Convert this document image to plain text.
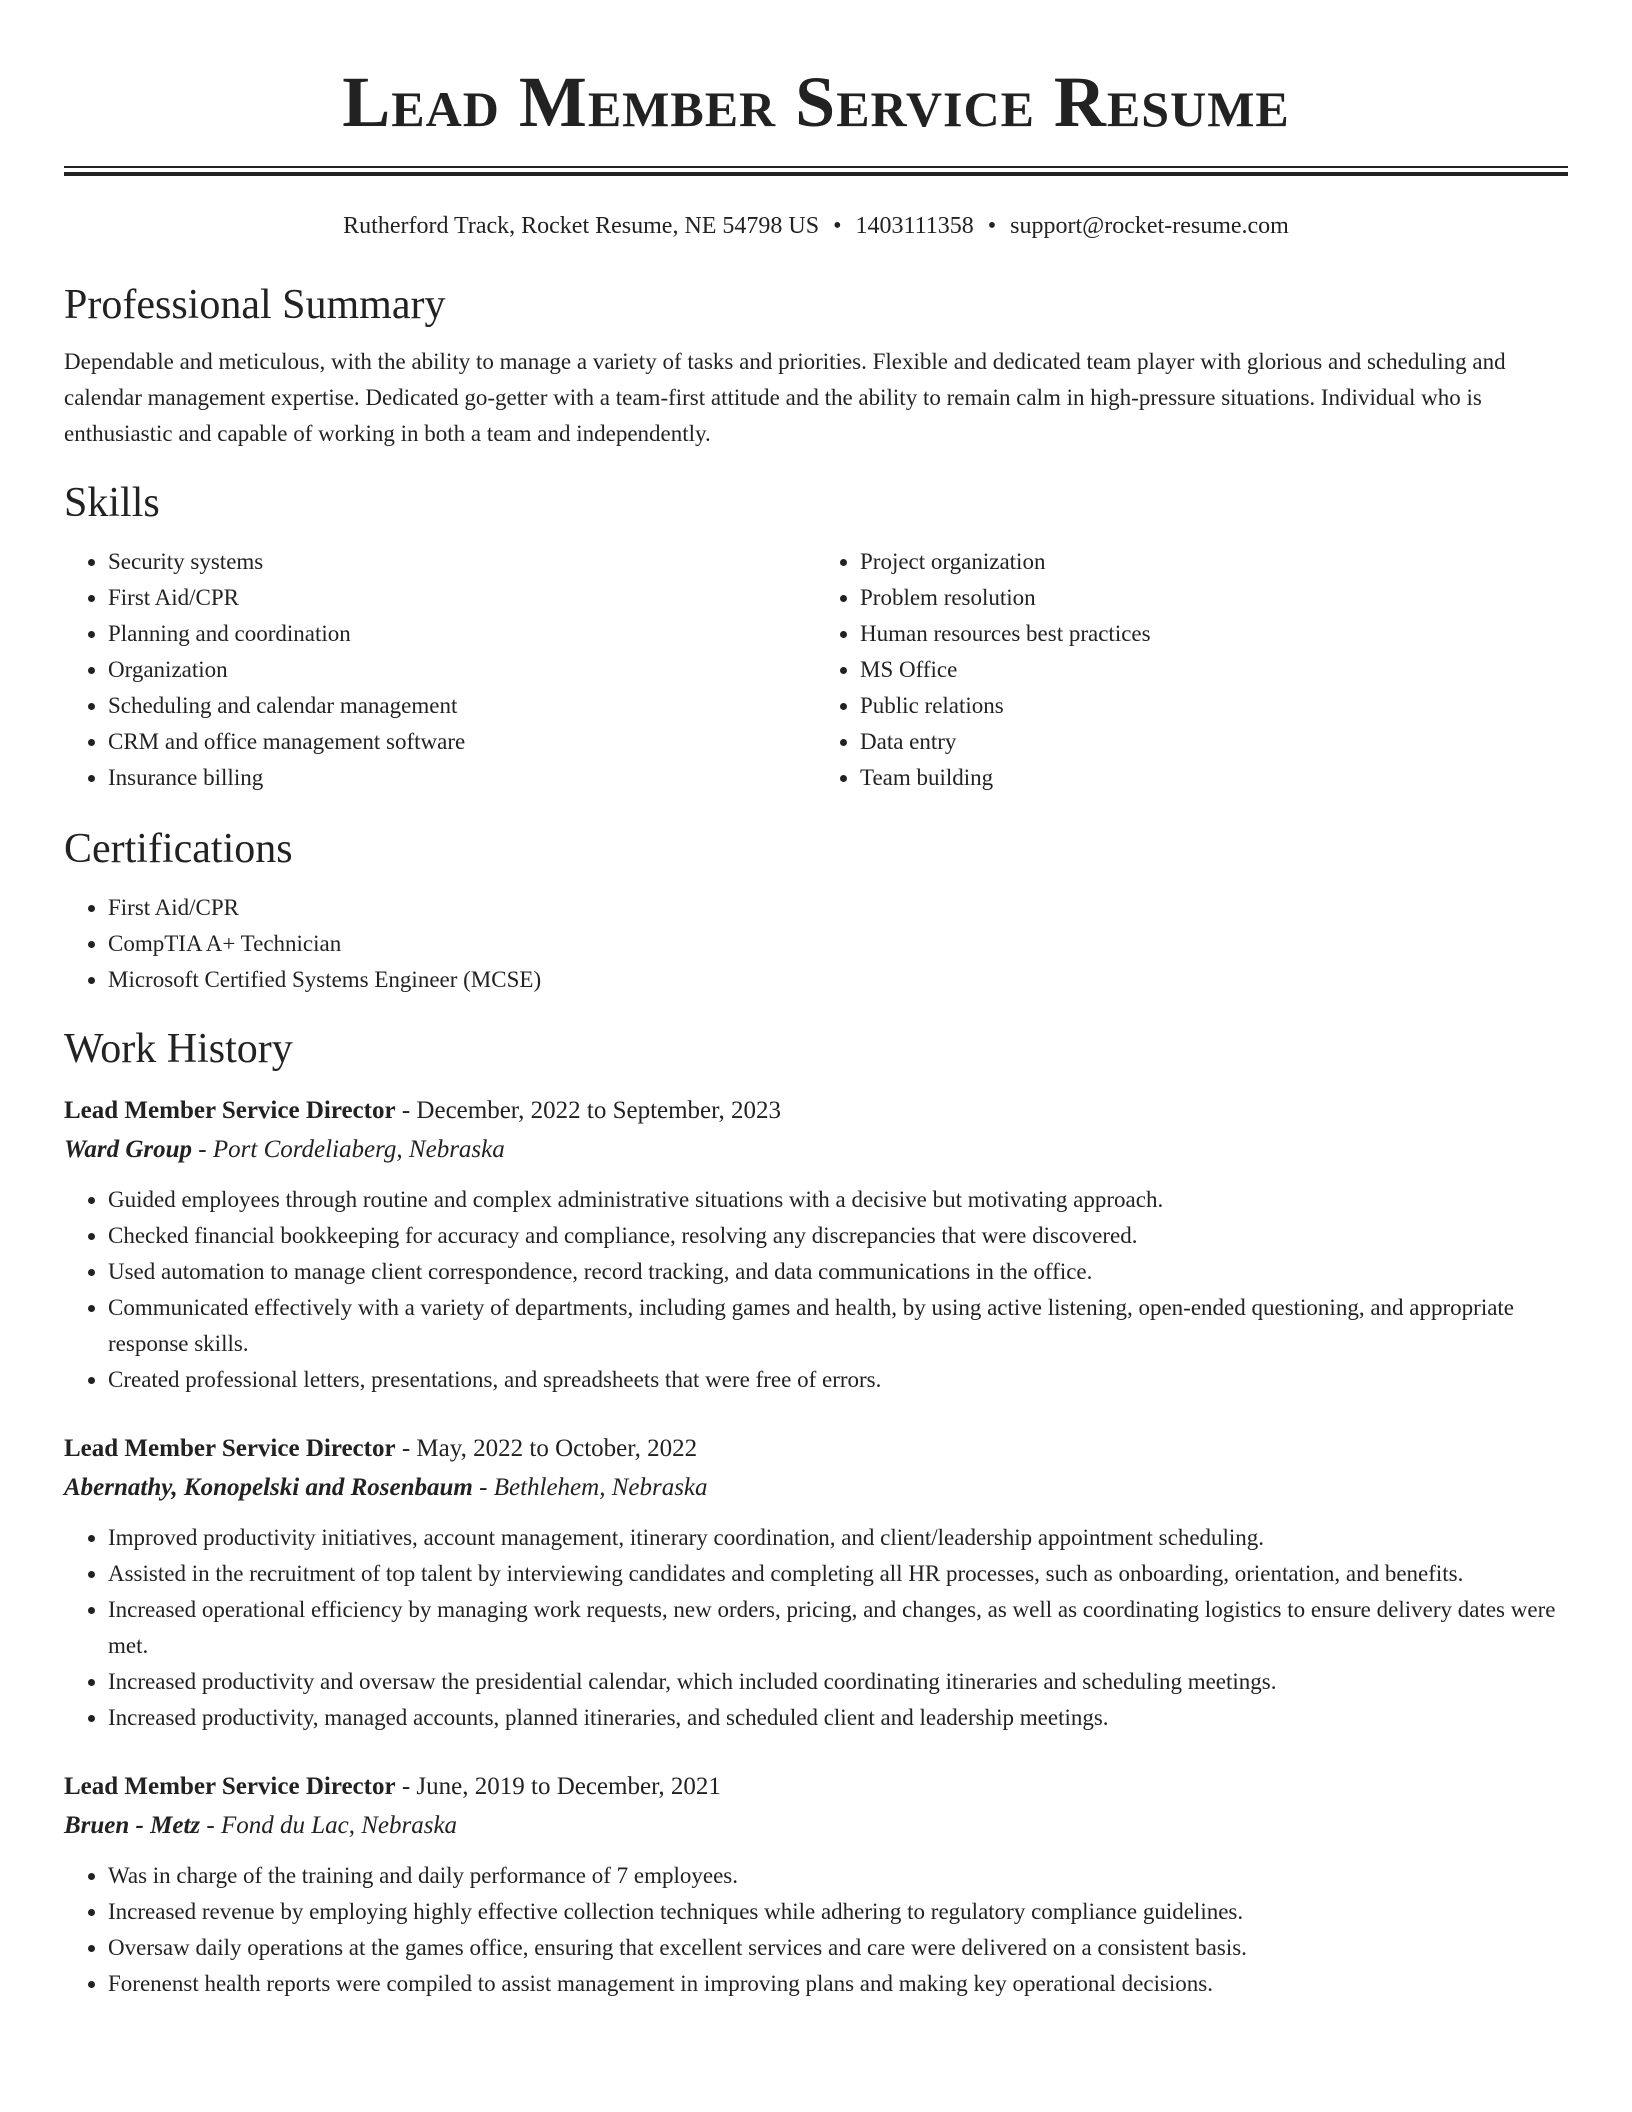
Lead Member Service Resume
Rutherford Track, Rocket Resume, NE 54798 US • 1403111358 • support@rocket-resume.com
Professional Summary

Dependable and meticulous, with the ability to manage a variety of tasks and priorities. Flexible and dedicated team player with glorious and scheduling and calendar management expertise. Dedicated go-getter with a team-first attitude and the ability to remain calm in high-pressure situations. Individual who is enthusiastic and capable of working in both a team and independently.

Skills
• Security systems
• First Aid/CPR
• Planning and coordination
• Organization
• Scheduling and calendar management
• CRM and office management software
• Insurance billing
• Project organization
• Problem resolution
• Human resources best practices
• MS Office
• Public relations
• Data entry
• Team building
Certifications
• First Aid/CPR
• CompTIA A+ Technician
• Microsoft Certified Systems Engineer (MCSE)
Work History
Lead Member Service Director - December, 2022 to September, 2023
Ward Group - Port Cordeliaberg, Nebraska
• Guided employees through routine and complex administrative situations with a decisive but motivating approach.
• Checked financial bookkeeping for accuracy and compliance, resolving any discrepancies that were discovered.
• Used automation to manage client correspondence, record tracking, and data communications in the office.
• Communicated effectively with a variety of departments, including games and health, by using active listening, open-ended questioning, and appropriate response skills.
• Created professional letters, presentations, and spreadsheets that were free of errors.
Lead Member Service Director - May, 2022 to October, 2022
Abernathy, Konopelski and Rosenbaum - Bethlehem, Nebraska
• Improved productivity initiatives, account management, itinerary coordination, and client/leadership appointment scheduling.
• Assisted in the recruitment of top talent by interviewing candidates and completing all HR processes, such as onboarding, orientation, and benefits.
• Increased operational efficiency by managing work requests, new orders, pricing, and changes, as well as coordinating logistics to ensure delivery dates were met.
• Increased productivity and oversaw the presidential calendar, which included coordinating itineraries and scheduling meetings.
• Increased productivity, managed accounts, planned itineraries, and scheduled client and leadership meetings.
Lead Member Service Director - June, 2019 to December, 2021
Bruen - Metz - Fond du Lac, Nebraska
• Was in charge of the training and daily performance of 7 employees.
• Increased revenue by employing highly effective collection techniques while adhering to regulatory compliance guidelines.
• Oversaw daily operations at the games office, ensuring that excellent services and care were delivered on a consistent basis.
• Forenenst health reports were compiled to assist management in improving plans and making key operational decisions.
